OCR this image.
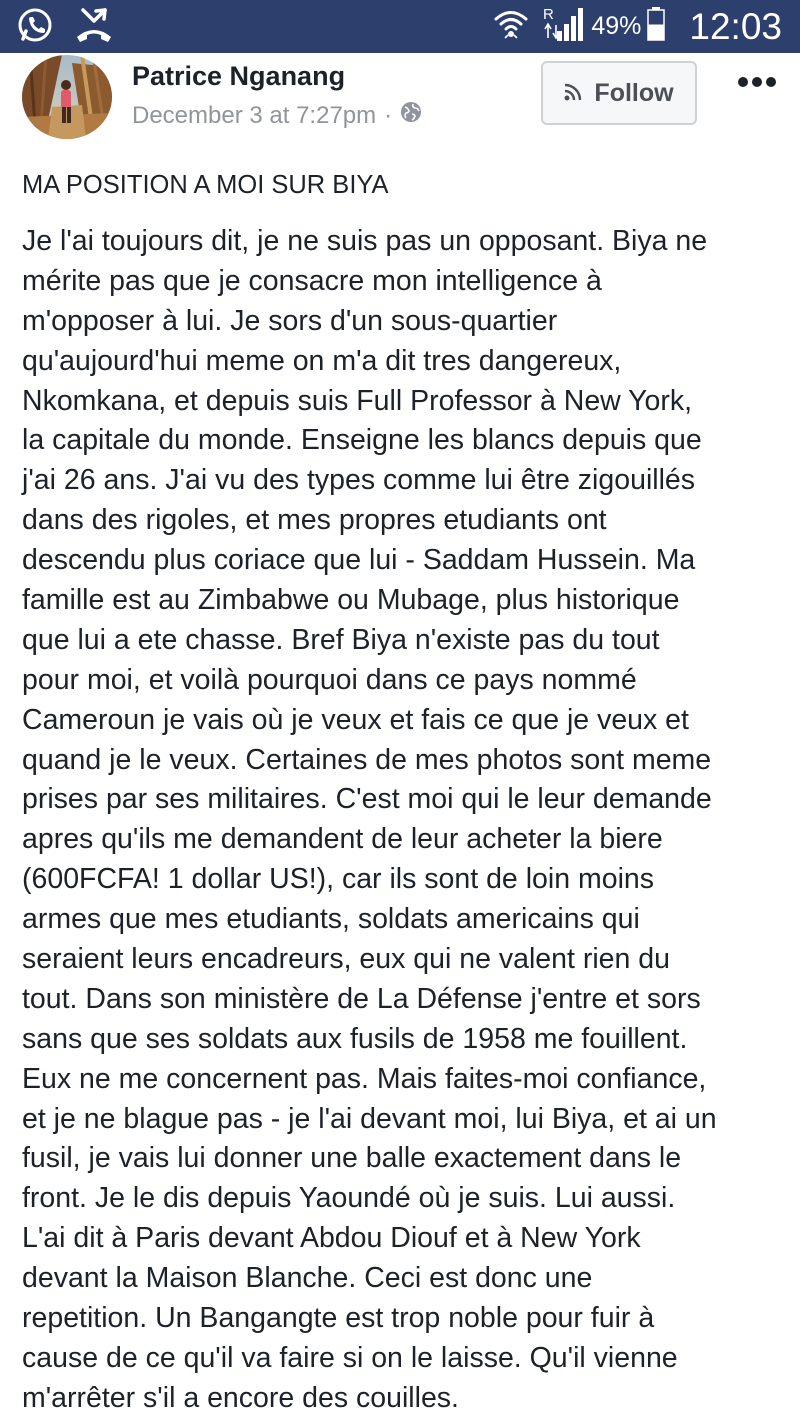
R 49% 12:03
Patrice Nganang
December 3 at 7:27pm ·
Follow
MA POSITION A MOI SUR BIYA
Je l'ai toujours dit, je ne suis pas un opposant. Biya ne
mérite pas que je consacre mon intelligence à
m'opposer à lui. Je sors d'un sous-quartier
qu'aujourd'hui meme on m'a dit tres dangereux,
Nkomkana, et depuis suis Full Professor à New York,
la capitale du monde. Enseigne les blancs depuis que
j'ai 26 ans. J'ai vu des types comme lui être zigouillés
dans des rigoles, et mes propres etudiants ont
descendu plus coriace que lui - Saddam Hussein. Ma
famille est au Zimbabwe ou Mubage, plus historique
que lui a ete chasse. Bref Biya n'existe pas du tout
pour moi, et voilà pourquoi dans ce pays nommé
Cameroun je vais où je veux et fais ce que je veux et
quand je le veux. Certaines de mes photos sont meme
prises par ses militaires. C'est moi qui le leur demande
apres qu'ils me demandent de leur acheter la biere
(600FCFA! 1 dollar US!), car ils sont de loin moins
armes que mes etudiants, soldats americains qui
seraient leurs encadreurs, eux qui ne valent rien du
tout. Dans son ministère de La Défense j'entre et sors
sans que ses soldats aux fusils de 1958 me fouillent.
Eux ne me concernent pas. Mais faites-moi confiance,
et je ne blague pas - je l'ai devant moi, lui Biya, et ai un
fusil, je vais lui donner une balle exactement dans le
front. Je le dis depuis Yaoundé où je suis. Lui aussi.
L'ai dit à Paris devant Abdou Diouf et à New York
devant la Maison Blanche. Ceci est donc une
repetition. Un Bangangte est trop noble pour fuir à
cause de ce qu'il va faire si on le laisse. Qu'il vienne
m'arrêter s'il a encore des couilles.
